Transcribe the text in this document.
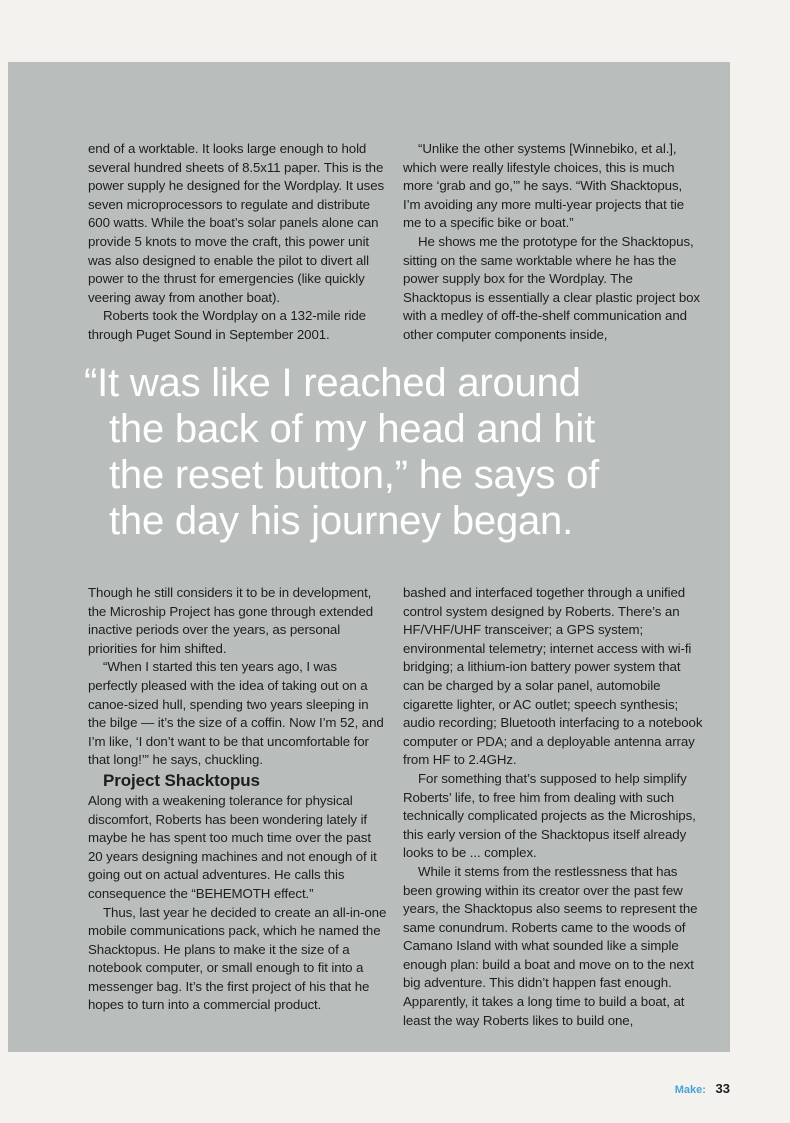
end of a worktable. It looks large enough to hold several hundred sheets of 8.5x11 paper. This is the power supply he designed for the Wordplay. It uses seven microprocessors to regulate and distribute 600 watts. While the boat’s solar panels alone can provide 5 knots to move the craft, this power unit was also designed to enable the pilot to divert all power to the thrust for emergencies (like quickly veering away from another boat).

Roberts took the Wordplay on a 132-mile ride through Puget Sound in September 2001.

“Unlike the other systems [Winnebiko, et al.], which were really lifestyle choices, this is much more ‘grab and go,’” he says. “With Shacktopus, I’m avoiding any more multi-year projects that tie me to a specific bike or boat.”

He shows me the prototype for the Shacktopus, sitting on the same worktable where he has the power supply box for the Wordplay. The Shacktopus is essentially a clear plastic project box with a medley of off-the-shelf communication and other computer components inside,

“It was like I reached around
the back of my head and hit
the reset button,” he says of
the day his journey began.

Though he still considers it to be in development, the Microship Project has gone through extended inactive periods over the years, as personal priorities for him shifted.

“When I started this ten years ago, I was perfectly pleased with the idea of taking out on a canoe-sized hull, spending two years sleeping in the bilge — it’s the size of a coffin. Now I’m 52, and I’m like, ‘I don’t want to be that uncomfortable for that long!’” he says, chuckling.

Project Shacktopus

Along with a weakening tolerance for physical discomfort, Roberts has been wondering lately if maybe he has spent too much time over the past 20 years designing machines and not enough of it going out on actual adventures. He calls this consequence the “BEHEMOTH effect.”

Thus, last year he decided to create an all-in-one mobile communications pack, which he named the Shacktopus. He plans to make it the size of a notebook computer, or small enough to fit into a messenger bag. It’s the first project of his that he hopes to turn into a commercial product.

bashed and interfaced together through a unified control system designed by Roberts. There’s an HF/VHF/UHF transceiver; a GPS system; environmental telemetry; internet access with wi-fi bridging; a lithium-ion battery power system that can be charged by a solar panel, automobile cigarette lighter, or AC outlet; speech synthesis; audio recording; Bluetooth interfacing to a notebook computer or PDA; and a deployable antenna array from HF to 2.4GHz.

For something that’s supposed to help simplify Roberts’ life, to free him from dealing with such technically complicated projects as the Microships, this early version of the Shacktopus itself already looks to be ... complex.

While it stems from the restlessness that has been growing within its creator over the past few years, the Shacktopus also seems to represent the same conundrum. Roberts came to the woods of Camano Island with what sounded like a simple enough plan: build a boat and move on to the next big adventure. This didn’t happen fast enough. Apparently, it takes a long time to build a boat, at least the way Roberts likes to build one,

Make: 33
